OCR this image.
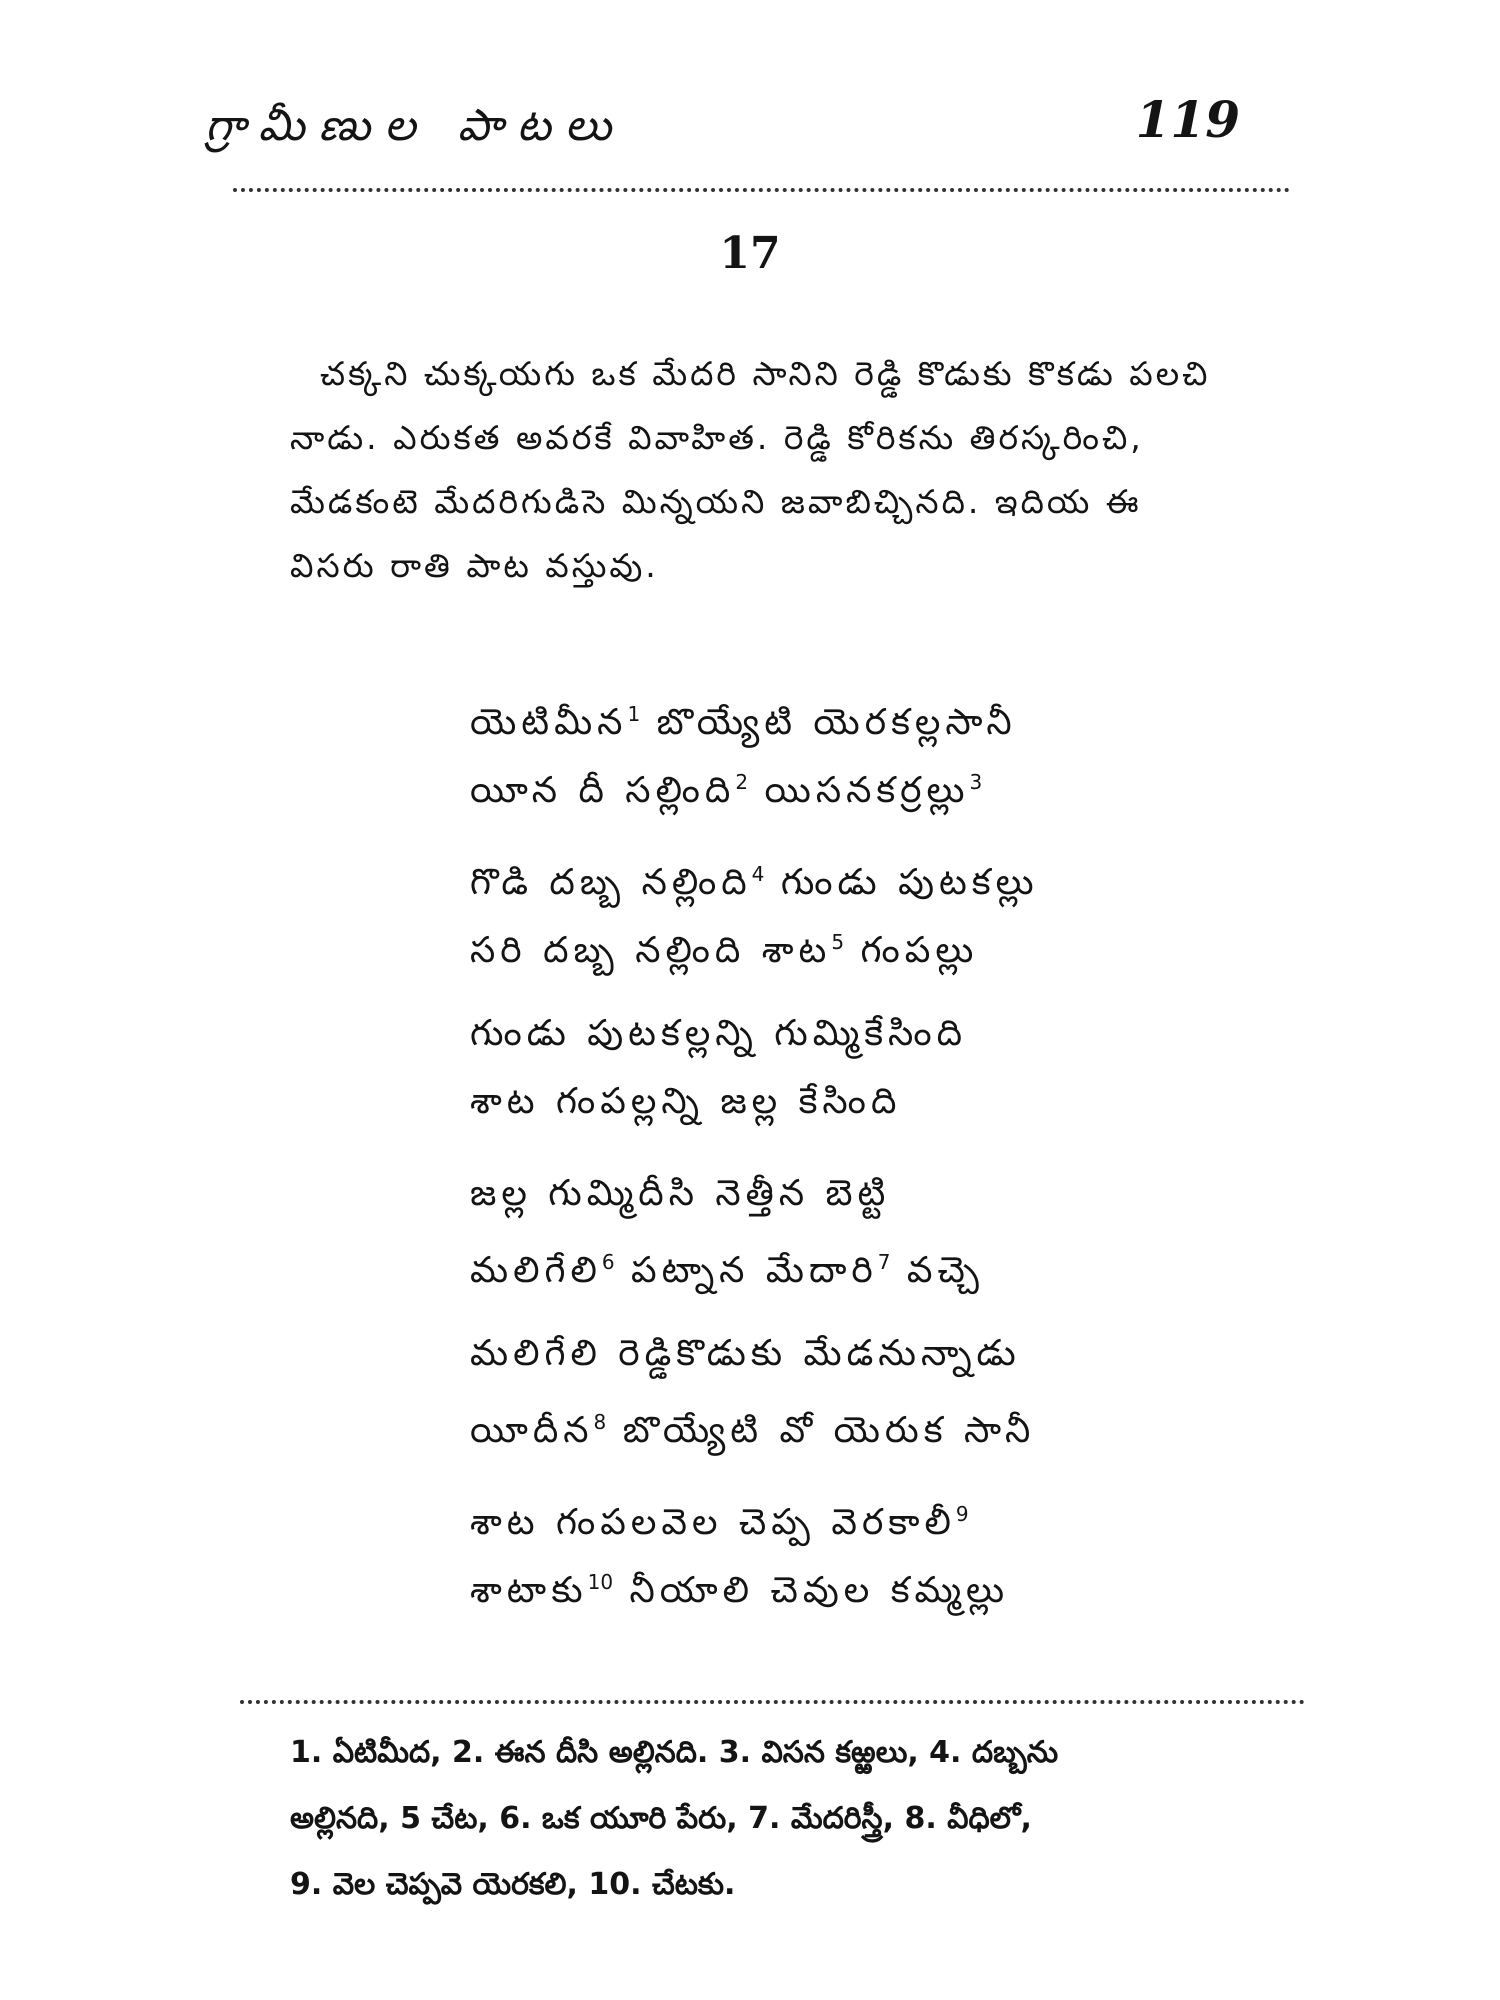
గ్రామీణుల పాటలు	119
17

చక్కని చుక్కయగు ఒక మేదరి సానిని రెడ్డి కొడుకు కొకడు పలచి

నాడు. ఎరుకత అవరకే వివాహిత. రెడ్డి కోరికను తిరస్కరించి,

మేడకంటె మేదరిగుడిసె మిన్నయని జవాబిచ్చినది. ఇదియ ఈ

విసరు రాతి పాట వస్తువు.

యెటిమీన$^1$ బొయ్యేటి యెరకల్లసానీ
యీన దీ సల్లింది$^2$ యిసనకర్రల్లు$^3$
గొడి దబ్బ నల్లింది$^4$ గుండు పుటకల్లు
సరి దబ్బ నల్లింది శాట$^5$ గంపల్లు
గుండు పుటకల్లన్ని గుమ్మికేసింది
శాట గంపల్లన్ని జల్ల కేసింది
జల్ల గుమ్మిదీసి నెత్తీన బెట్టి
మలిగేలి$^6$ పట్నాన మేదారి$^7$ వచ్చె
మలిగేలి రెడ్డికొడుకు మేడనున్నాడు
యీదీన$^8$ బొయ్యేటి వో యెరుక సానీ
శాట గంపలవెల చెప్ప వెరకాలీ$^9$
శాటాకు$^{10}$ నీయాలి చెవుల కమ్మల్లు

1. ఏటిమీద, 2. ఈన దీసి అల్లినది. 3. విసన కఱ్ఱలు, 4. దబ్బను

అల్లినది, 5 చేట, 6. ఒక యూరి పేరు, 7. మేదరిస్త్రీ, 8. వీధిలో,

9. వెల చెప్పవె యెరకలి, 10. చేటకు.
